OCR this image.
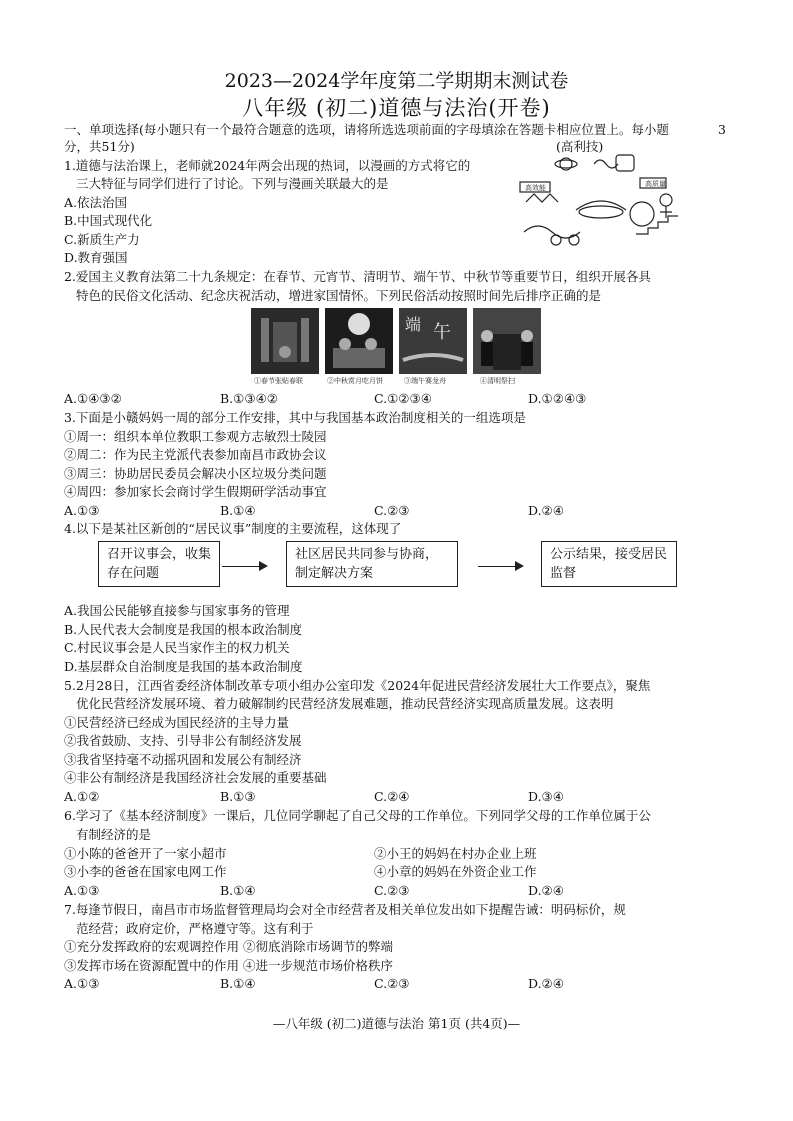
2023—2024学年度第二学期期末测试卷
八年级 (初二)道德与法治(开卷)
一、单项选择(每小题只有一个最符合题意的选项，请将所选选项前面的字母填涂在答题卡相应位置上。每小题	3
分，共51分)	(高利技)
1.道德与法治课上，老师就2024年两会出现的热词，以漫画的方式将它的
三大特征与同学们进行了讨论。下列与漫画关联最大的是
A.依法治国
B.中国式现代化
C.新质生产力
D.教育强国
高效能	高质量
2.爱国主义教育法第二十九条规定：在春节、元宵节、清明节、端午节、中秋节等重要节日，组织开展各具
特色的民俗文化活动、纪念庆祝活动，增进家国情怀。下列民俗活动按照时间先后排序正确的是
端 午
①春节张贴春联	②中秋赏月吃月饼	③端午赛龙舟	④清明祭扫
A.①④③②	B.①③④②	C.①②③④	D.①②④③
3.下面是小赣妈妈一周的部分工作安排，其中与我国基本政治制度相关的一组选项是
①周一：组织本单位教职工参观方志敏烈士陵园
②周二：作为民主党派代表参加南昌市政协会议
③周三：协助居民委员会解决小区垃圾分类问题
④周四：参加家长会商讨学生假期研学活动事宜
A.①③	B.①④	C.②③	D.②④
4.以下是某社区新创的“居民议事”制度的主要流程，这体现了
召开议事会，收集存在问题
社区居民共同参与协商，制定解决方案
公示结果，接受居民监督
A.我国公民能够直接参与国家事务的管理
B.人民代表大会制度是我国的根本政治制度
C.村民议事会是人民当家作主的权力机关
D.基层群众自治制度是我国的基本政治制度
5.2月28日，江西省委经济体制改革专项小组办公室印发《2024年促进民营经济发展壮大工作要点》，聚焦
优化民营经济发展环境、着力破解制约民营经济发展难题，推动民营经济实现高质量发展。这表明
①民营经济已经成为国民经济的主导力量
②我省鼓励、支持、引导非公有制经济发展
③我省坚持毫不动摇巩固和发展公有制经济
④非公有制经济是我国经济社会发展的重要基础
A.①②	B.①③	C.②④	D.③④
6.学习了《基本经济制度》一课后，几位同学聊起了自己父母的工作单位。下列同学父母的工作单位属于公
有制经济的是
①小陈的爸爸开了一家小超市	②小王的妈妈在村办企业上班
③小李的爸爸在国家电网工作	④小章的妈妈在外资企业工作
A.①③	B.①④	C.②③	D.②④
7.每逢节假日，南昌市市场监督管理局均会对全市经营者及相关单位发出如下提醒告诫：明码标价，规
范经营；政府定价，严格遵守等。这有利于
①充分发挥政府的宏观调控作用 ②彻底消除市场调节的弊端
③发挥市场在资源配置中的作用 ④进一步规范市场价格秩序
A.①③	B.①④	C.②③	D.②④
—八年级 (初二)道德与法治 第1页 (共4页)—
